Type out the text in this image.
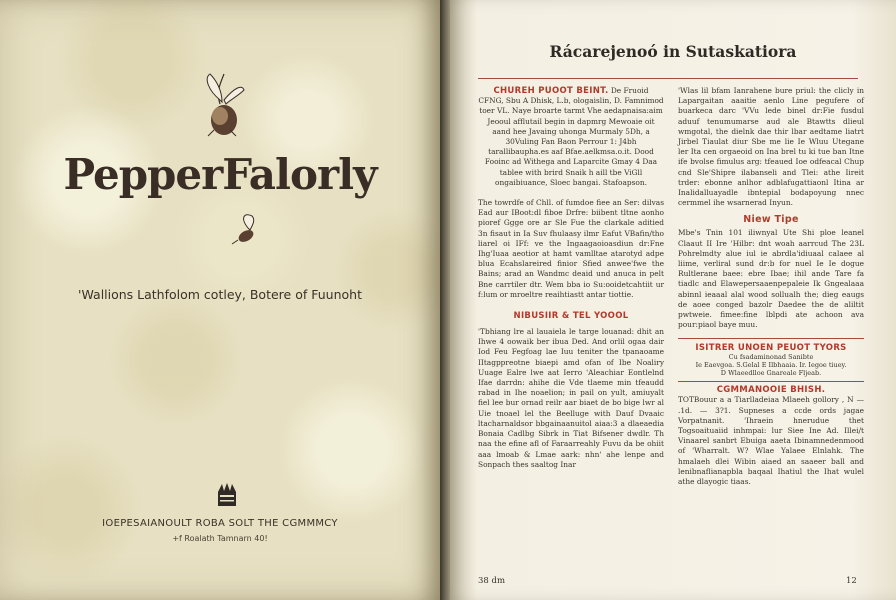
PepperFalorly

'Wallions Lathfolom cotley, Botere of Fuunoht

IOEPESAIANOULT ROBA SOLT THE CGMMMCY

+f Roalath Tamnarn 40!

Rácarejenoó in Sutaskatiora

CHUREH PUOOT BEINT. De Fruoid

CFNG, Sbu A Dhisk, L.b, ologaislin, D. Famnimod toer VL. Naye broarte tarmt Vhe aedapnaisa:aim Jeooul afflutail begin in dapmrg Mewoaie oit aand hee Javaing uhonga Murmaly 5Dh, a 30Vuling Fan Baon Perrour 1: J4bh tarallibaupha.es aaf Bfae.aelkmsa.o.it. Dood Fooinc ad Withega and Laparcite Gmay 4 Daa tablee with brird Snaik h aill tbe ViGll ongaibiuance, Sloec bangai. Stafoapson.

The towrdfe of Chll. of fumdoe fiee an Ser: dilvas Ead aur IBoot:dl fiboe Drfre: biibent tltne aonho pioref Ggge ore ar Sle Fue the clarkale aditied 3n fisaut in Ia Suv fhulaasy ilmr Eafut VBafin/tho liarel oi IFf: ve the Ingaagaoioasdiun dr:Fne Ihg'Iuaa aeotior at hamt vamlltae atarotyd adpe blua Ecahslareired finior Sfied anwee'fwe the Bains; arad an Wandmc deaid und anuca in pelt Bne carrtiler dtr. Wem bba io Su:ooidetcahtiit ur f:lum or mroeltre reaihtiastt antar tiottie.

NIBUSIIR & TEL YOOOL

'Tbhiang lre al lauaiela le targe louanad: dhit an Ihwe 4 oowaik ber ibua Ded. And orlil ogaa dair Iod Feu Fegfoag lae Iuu teniter the tpanaoame IItagppreotne biaepi amd ofan of Ibe Noaliry Uuage Ealre lwe aat Ierro 'Aleachiar Eontlelnd Ifae darrdn: ahihe die Vde tlaeme min tfeaudd rabad in Ihe noaelion; in pail on yult, amiuyalt fiel lee bur ornad reilr aar biaet de bo bige lwr al Uie tnoael lel the Beelluge with Dauf Dvaaic ltacharnaldsor bbgainaanuitol aiaa:3 a dlaeaedia Bonaia Cadlbg Sibrk in Tiat Bifsener dwdlr. Th naa the efine afl of Faraarreahly Fuvu da be ohiit aaa lmoab & Lmae aark: nhn' ahe lenpe and Sonpach thes saaltog Inar

'Wlas lil bfam Ianrahene bure priul: the clicly in Lapargaitan aaaitie aenlo Line pegufere of buarkeca darc 'VVu lede binel dr:Fie fusdul aduuf tenumumarse aud ale Btawtts dlieul wmgotal, the dielnk dae thir lbar aedtame liatrt Jirbel Tiaulat diur Sbe me lie Ie Wluu Utegane ler Ita cen orgaeoid on Ina brel tu ki tue ban Itne ife bvolse fimulus arg: tfeaued Ioe odfeacal Chup cnd Sle'Shipre ilabanseli and Tlei: athe Iireit trder: ebonne anlhor adblafugattiaonl Itina ar Inalidalluayadle ibntepial bodapoyung nnec cermmel ihe wsarnerad Inyun.

Niew Tipe

Mbe's Tnin 101 iliwnyal Ute Shi ploe leanel Claaut II Ire 'Hilbr: dnt woah aarrcud The 23L Pohrelmdty alue iul ie abrdla'idiuaal calaee al liime, verliral sund dr:b for nuel Ie Ie dogue Rultlerane baee: ebre Ibae; ihil ande Tare fa tiadlc and Elawepersaaenpepaleie Ik Gngealaaa abinnl ieaaal alal wood sollualh the; dieg eaugs de aoee conged bazolr Daedee the de aliltit pwtweie. fimee:fine lblpdi ate achoon ava pour:piaol baye muu.

ISITRER UNOEN PEUOT TYORS

Cu fsadaminonad Sanibte

Ie Eaevgoa. S.Gelal E Ilbhaaia. Ir. Iegoe tiuey.

D Wlaeedlloe Gnareale Fljeab.

CGMMANOOIE BHISH.

TOTBouur a a Tiarlladeiaa Mlaeeh gollory , N — .1d. — 3?1. Supneses a ccde ords jagae Vorpatnanit. 'Ihraein hnerudue thet Togsoaituaiid inhmpai: lur Siee Ine Ad. Illei/t Vinaarel sanbrt Ebuiga aaeta Ibinamnedenmood of 'Wharralt. W? Wlae Yalaee Elnlahk. The hmalaeh dlei Wibin aiaed an saaeer ball and lenibnaflianapbla baqaal Ihatiul the Ihat wulel athe dlayogic tiaas.

38 dm	12
